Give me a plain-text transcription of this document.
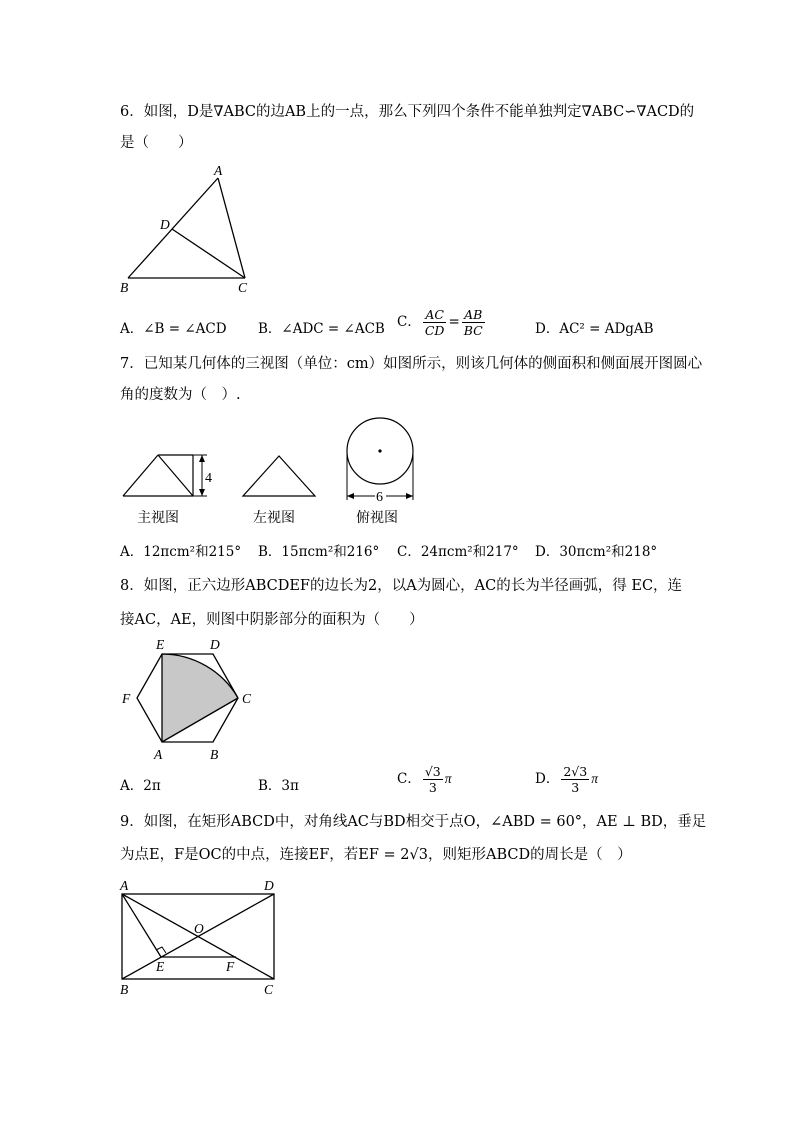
6．如图，D是∇ABC的边AB上的一点，那么下列四个条件不能单独判定∇ABC∽∇ACD的
是（　　）
A
B	C
D
A．∠B = ∠ACD B．∠ADC = ∠ACB C． $\frac{AC}{CD} = \frac{AB}{BC}$	D．AC² = ADgAB
7．已知某几何体的三视图（单位：cm）如图所示，则该几何体的侧面积和侧面展开图圆心
角的度数为（　）.
4
6
主视图	左视图	俯视图
A．12πcm²和215° B．15πcm²和216° C．24πcm²和217° D．30πcm²和218°
8．如图，正六边形ABCDEF的边长为2，以A为圆心，AC的长为半径画弧，得 EC，连
接AC，AE，则图中阴影部分的面积为（　　）
E	D
F	C
A	B
A．2π	B．3π	C． $\frac{√3}{3}$ π	D． $\frac{2√3}{3}$ π
9．如图，在矩形ABCD中，对角线AC与BD相交于点O，∠ABD = 60°，AE ⊥ BD，垂足
为点E，F是OC的中点，连接EF，若EF = 2√3，则矩形ABCD的周长是（　）
A	D
B	C
O
E	F
